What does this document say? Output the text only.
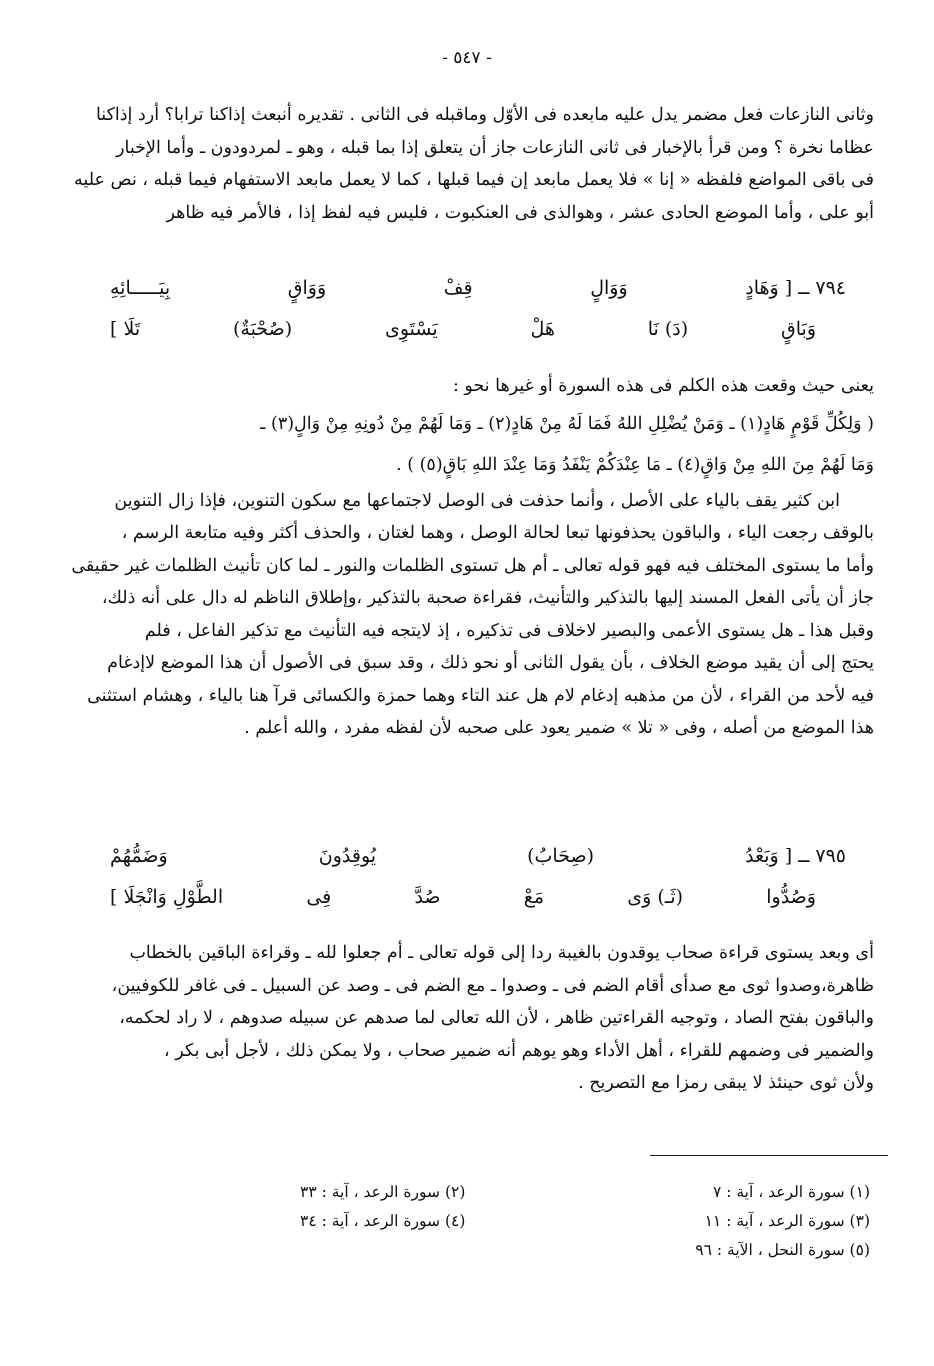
- ٥٤٧ -

وثانى النازعات فعل مضمر يدل عليه مابعده فى الأوّل وماقبله فى الثانى . تقديره أنبعث إذاكنا ترابا؟ أرد إذاكنا

عظاما نخرة ؟ ومن قرأ بالإخبار فى ثانى النازعات جاز أن يتعلق إذا بما قبله ، وهو ـ لمردودون ـ وأما الإخبار

فى باقى المواضع فلفظه « إنا » فلا يعمل مابعد إن فيما قبلها ، كما لا يعمل مابعد الاستفهام فيما قبله ، نص عليه

أبو على ، وأما الموضع الحادى عشر ، وهوالذى فى العنكبوت ، فليس فيه لفظ إذا ، فالأمر فيه ظاهر

٧٩٤ ــ [ وَهَادٍ
وَوَالٍ
قِفْ
وَوَاقٍ
بِيَـــــائِهِ
وَبَاقٍ
(دَ) نَا
هَلْ
يَسْتَوِى
(صُحْبَةٌ)
تَلَا ]

يعنى حيث وقعت هذه الكلم فى هذه السورة أو غيرها نحو :

( وَلِكُلِّ قَوْمٍ هَادٍ(١) ـ وَمَنْ يُضْلِلِ اللهُ فَمَا لَهُ مِنْ هَادٍ(٢) ـ وَمَا لَهُمْ مِنْ دُونِهِ مِنْ وَالٍ(٣) ـ

وَمَا لَهُمْ مِنَ اللهِ مِنْ وَاقٍ(٤) ـ مَا عِنْدَكُمْ يَنْفَدُ وَمَا عِنْدَ اللهِ بَاقٍ(٥) ) .

ابن كثير يقف بالياء على الأصل ، وأنما حذفت فى الوصل لاجتماعها مع سكون التنوين، فإذا زال التنوين

بالوقف رجعت الياء ، والباقون يحذفونها تبعا لحالة الوصل ، وهما لغتان ، والحذف أكثر وفيه متابعة الرسم ،

وأما ما يستوى المختلف فيه فهو قوله تعالى ـ أم هل تستوى الظلمات والنور ـ لما كان تأنيث الظلمات غير حقيقى

جاز أن يأتى الفعل المسند إليها بالتذكير والتأنيث، فقراءة صحبة بالتذكير ،وإطلاق الناظم له دال على أنه ذلك،

وقبل هذا ـ هل يستوى الأعمى والبصير لاخلاف فى تذكيره ، إذ لايتجه فيه التأنيث مع تذكير الفاعل ، فلم

يحتج إلى أن يقيد موضع الخلاف ، بأن يقول الثانى أو نحو ذلك ، وقد سبق فى الأصول أن هذا الموضع لاإدغام

فيه لأحد من القراء ، لأن من مذهبه إدغام لام هل عند التاء وهما حمزة والكسائى قرآ هنا بالياء ، وهشام استثنى

هذا الموضع من أصله ، وفى « تلا » ضمير يعود على صحبه لأن لفظه مفرد ، والله أعلم .

٧٩٥ ــ [ وَبَعْدُ
(صِحَابُ)
يُوقِدُونَ
وَضَمُّهُمْ
وَصُدُّوا
(ثَـ) وَى
مَعْ
صُدَّ
فِى
الطَّوْلِ وَانْجَلَا ]

أى وبعد يستوى قراءة صحاب يوقدون بالغيبة ردا إلى قوله تعالى ـ أم جعلوا لله ـ وقراءة الباقين بالخطاب

ظاهرة،وصدوا ثوى مع صدأى أقام الضم فى ـ وصدوا ـ مع الضم فى ـ وصد عن السبيل ـ فى غافر للكوفيين،

والباقون بفتح الصاد ، وتوجيه القراءتين ظاهر ، لأن الله تعالى لما صدهم عن سبيله صدوهم ، لا راد لحكمه،

والضمير فى وضمهم للقراء ، أهل الأداء وهو يوهم أنه ضمير صحاب ، ولا يمكن ذلك ، لأجل أبى بكر ،

ولأن ثوى حينئذ لا يبقى رمزا مع التصريح .

(١) سورة الرعد ، آية : ٧
(٢) سورة الرعد ، آية : ٣٣
(٣) سورة الرعد ، آية : ١١
(٤) سورة الرعد ، آية : ٣٤
(٥) سورة النحل ، الآية : ٩٦
